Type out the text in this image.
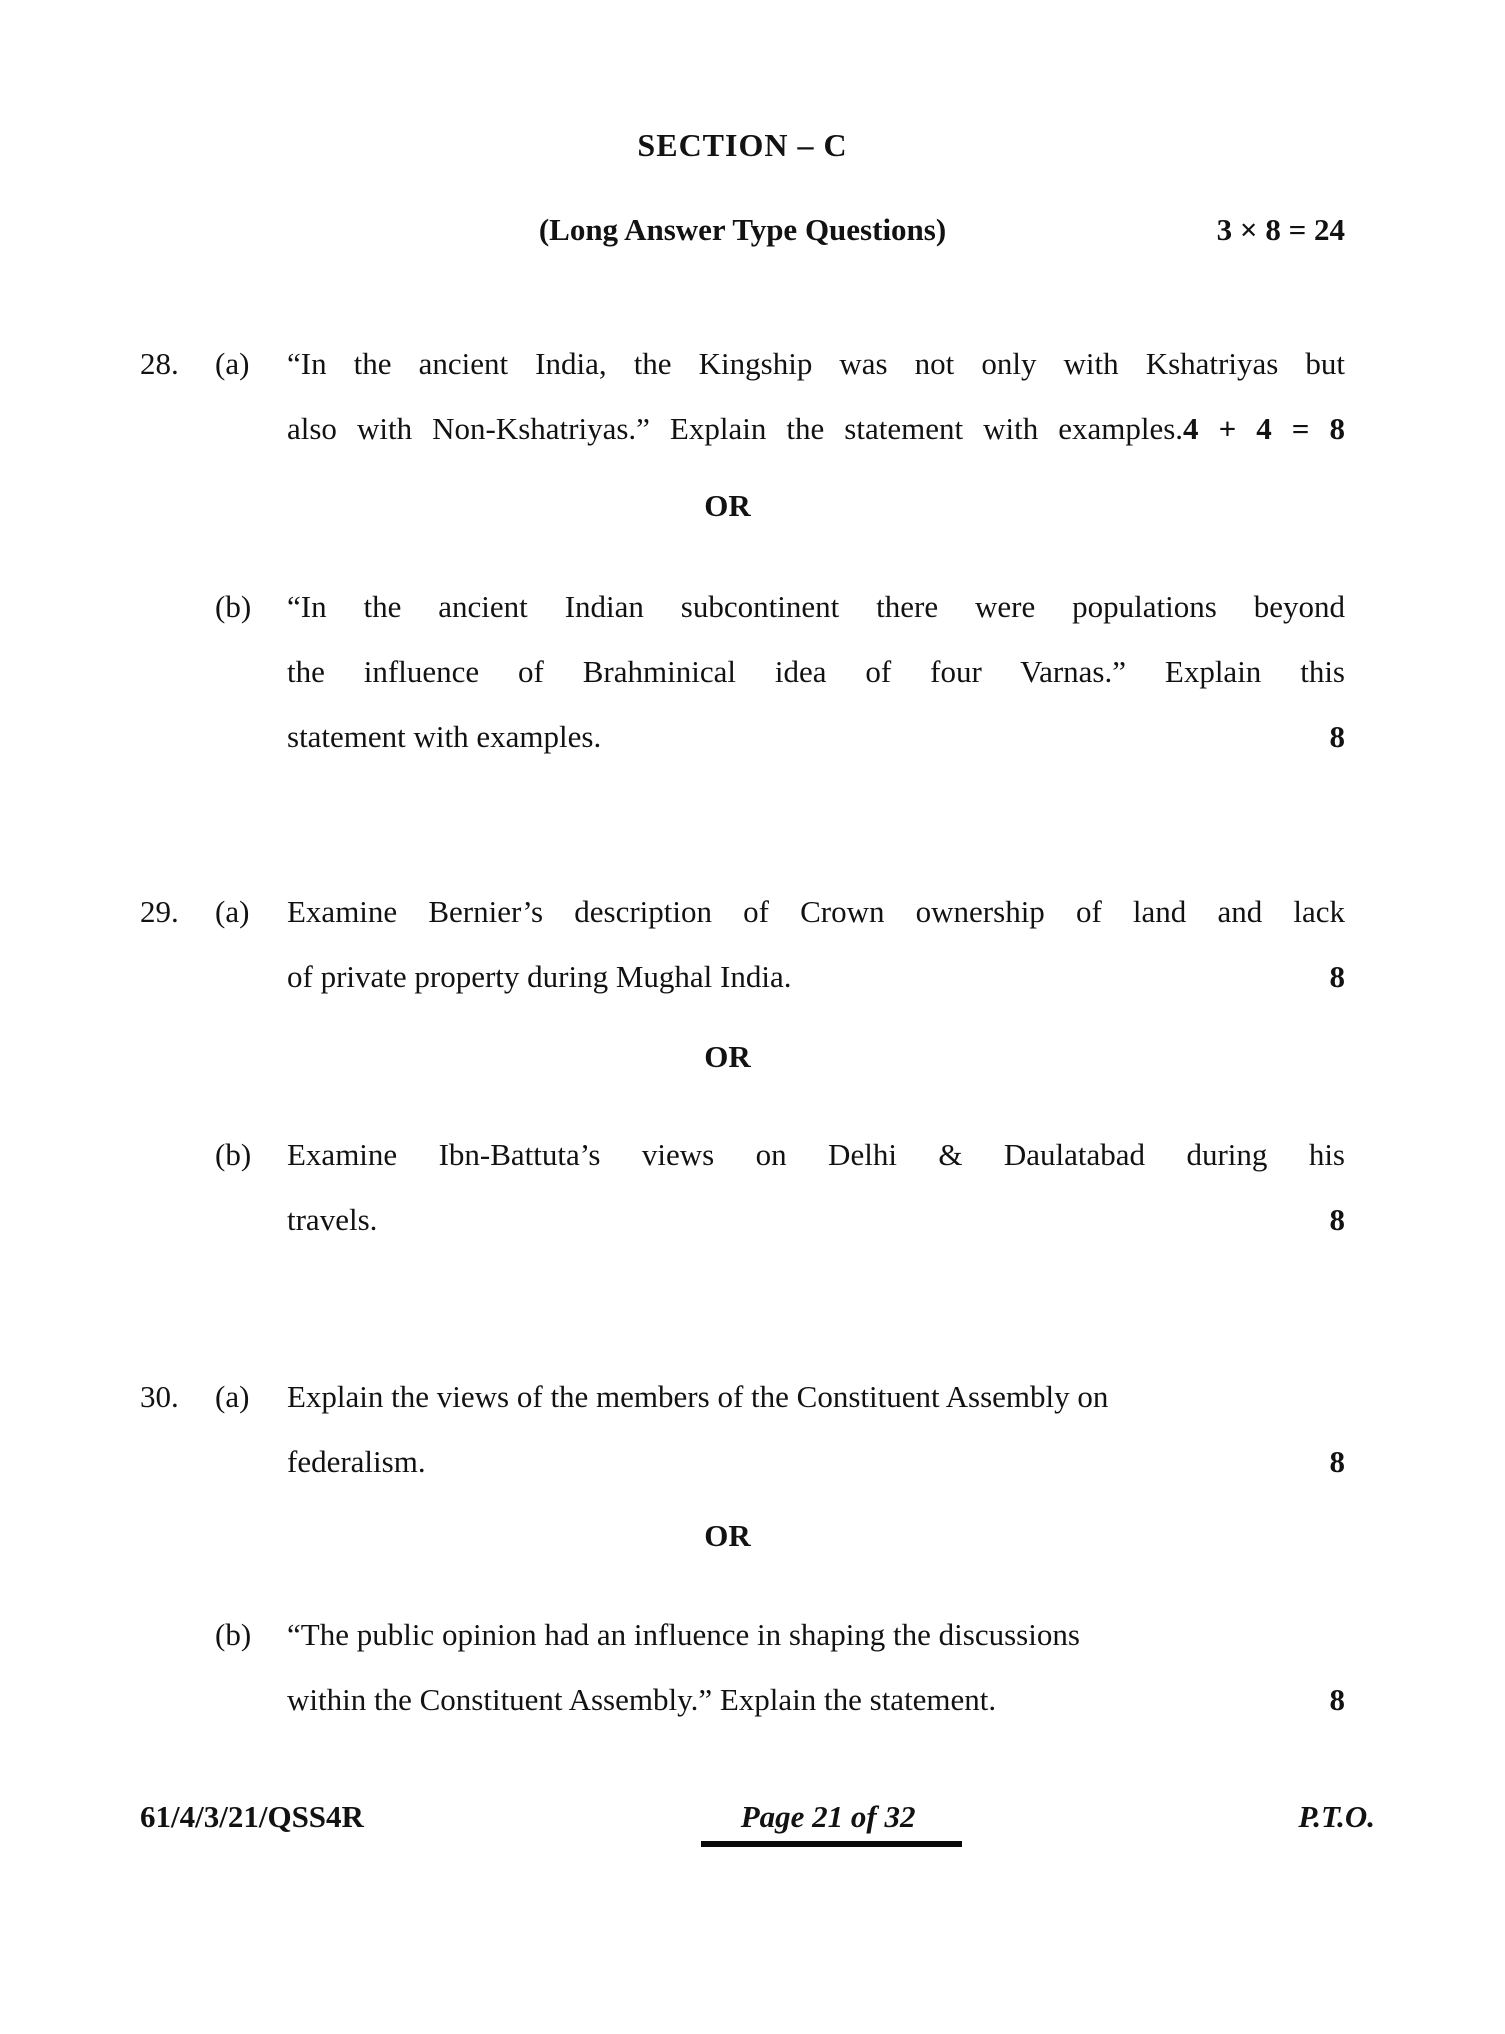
SECTION – C
(Long Answer Type Questions)	3 × 8 = 24
28.	(a)	“In the ancient India, the Kingship was not only with Kshatriyas but
also with Non-Kshatriyas.” Explain the statement with examples.4 + 4 = 8
OR
(b)	“In the ancient Indian subcontinent there were populations beyond
the influence of Brahminical idea of four Varnas.” Explain this
statement with examples.	8
29.	(a)	Examine Bernier’s description of Crown ownership of land and lack
of private property during Mughal India.	8
OR
(b)	Examine Ibn-Battuta’s views on Delhi & Daulatabad during his
travels.	8
30.	(a)	Explain the views of the members of the Constituent Assembly on
federalism.	8
OR
(b)	“The public opinion had an influence in shaping the discussions
within the Constituent Assembly.” Explain the statement.	8
61/4/3/21/QSS4R	Page 21 of 32	P.T.O.
